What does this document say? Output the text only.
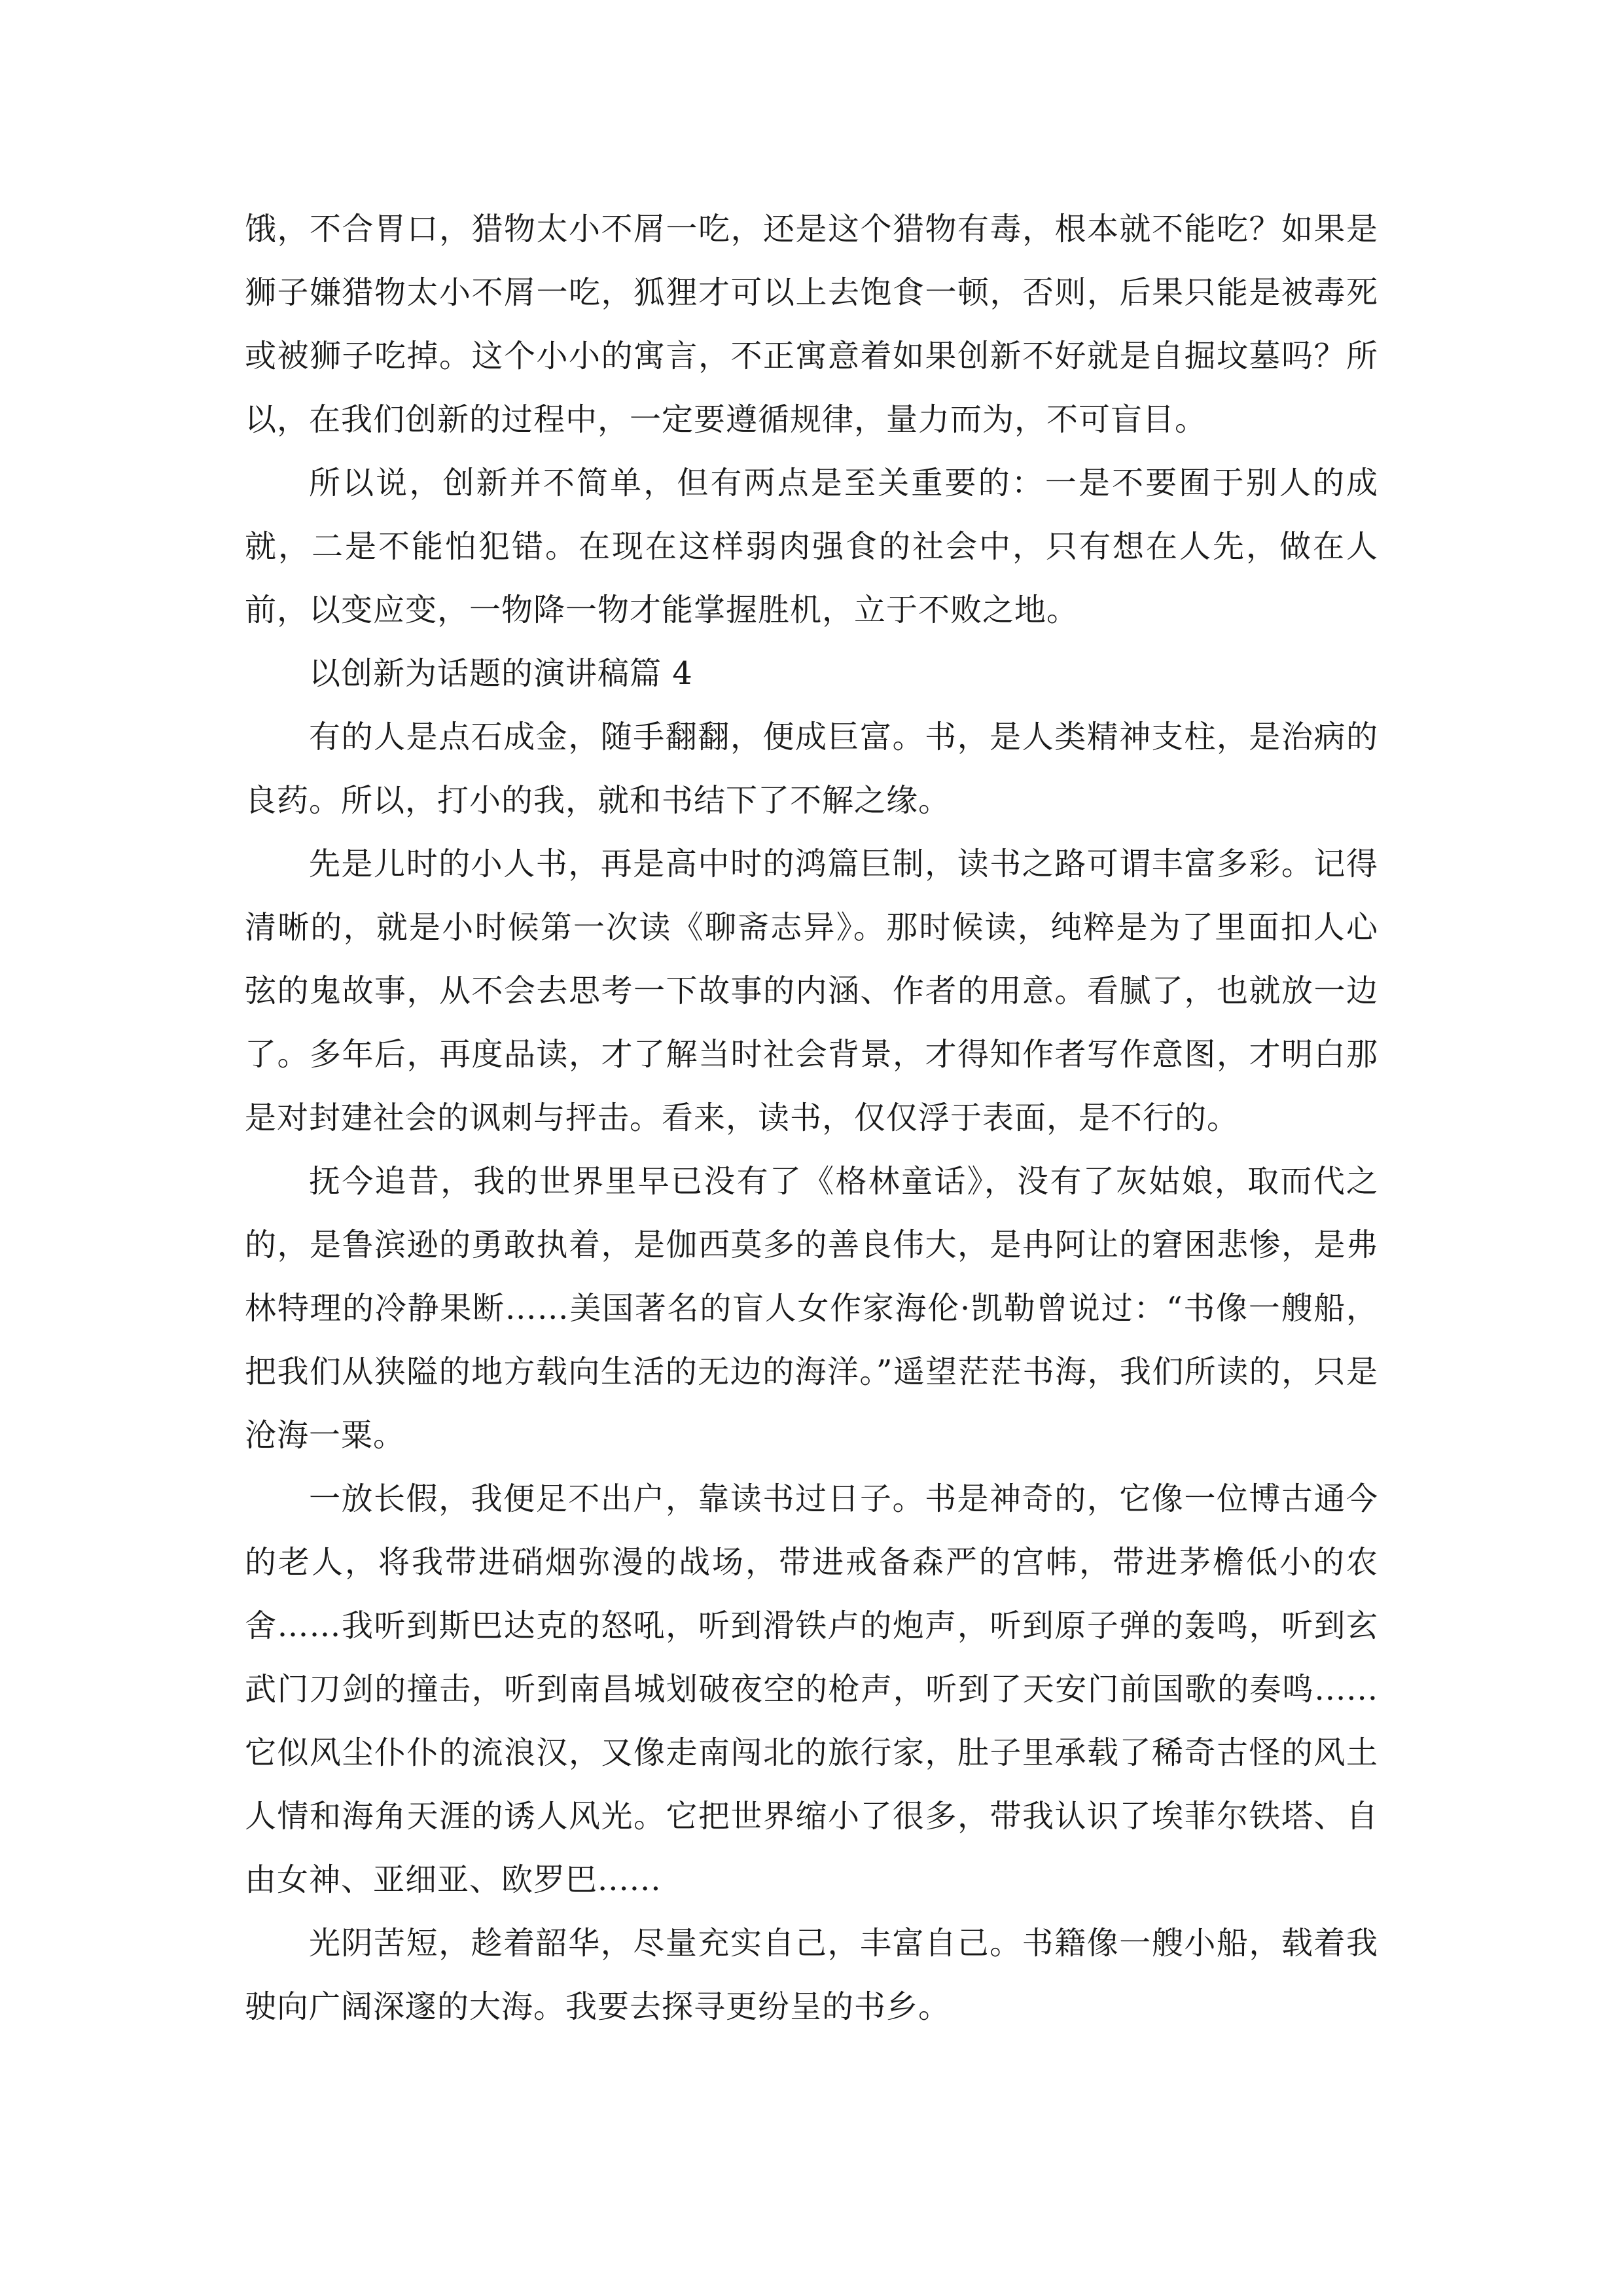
饿，不合胃口，猎物太小不屑一吃，还是这个猎物有毒，根本就不能吃？如果是狮子嫌猎物太小不屑一吃，狐狸才可以上去饱食一顿，否则，后果只能是被毒死或被狮子吃掉。这个小小的寓言，不正寓意着如果创新不好就是自掘坟墓吗？所以，在我们创新的过程中，一定要遵循规律，量力而为，不可盲目。

所以说，创新并不简单，但有两点是至关重要的：一是不要囿于别人的成就，二是不能怕犯错。在现在这样弱肉强食的社会中，只有想在人先，做在人前，以变应变，一物降一物才能掌握胜机，立于不败之地。

以创新为话题的演讲稿篇 4

有的人是点石成金，随手翻翻，便成巨富。书，是人类精神支柱，是治病的良药。所以，打小的我，就和书结下了不解之缘。

先是儿时的小人书，再是高中时的鸿篇巨制，读书之路可谓丰富多彩。记得清晰的，就是小时候第一次读《聊斋志异》。那时候读，纯粹是为了里面扣人心弦的鬼故事，从不会去思考一下故事的内涵、作者的用意。看腻了，也就放一边了。多年后，再度品读，才了解当时社会背景，才得知作者写作意图，才明白那是对封建社会的讽刺与抨击。看来，读书，仅仅浮于表面，是不行的。

抚今追昔，我的世界里早已没有了《格林童话》，没有了灰姑娘，取而代之的，是鲁滨逊的勇敢执着，是伽西莫多的善良伟大，是冉阿让的窘困悲惨，是弗林特理的冷静果断……美国著名的盲人女作家海伦·凯勒曾说过：“书像一艘船，把我们从狭隘的地方载向生活的无边的海洋。”遥望茫茫书海，我们所读的，只是沧海一粟。

一放长假，我便足不出户，靠读书过日子。书是神奇的，它像一位博古通今的老人，将我带进硝烟弥漫的战场，带进戒备森严的宫帏，带进茅檐低小的农舍……我听到斯巴达克的怒吼，听到滑铁卢的炮声，听到原子弹的轰鸣，听到玄武门刀剑的撞击，听到南昌城划破夜空的枪声，听到了天安门前国歌的奏鸣......它似风尘仆仆的流浪汉，又像走南闯北的旅行家，肚子里承载了稀奇古怪的风土人情和海角天涯的诱人风光。它把世界缩小了很多，带我认识了埃菲尔铁塔、自由女神、亚细亚、欧罗巴......

光阴苦短，趁着韶华，尽量充实自己，丰富自己。书籍像一艘小船，载着我驶向广阔深邃的大海。我要去探寻更纷呈的书乡。
